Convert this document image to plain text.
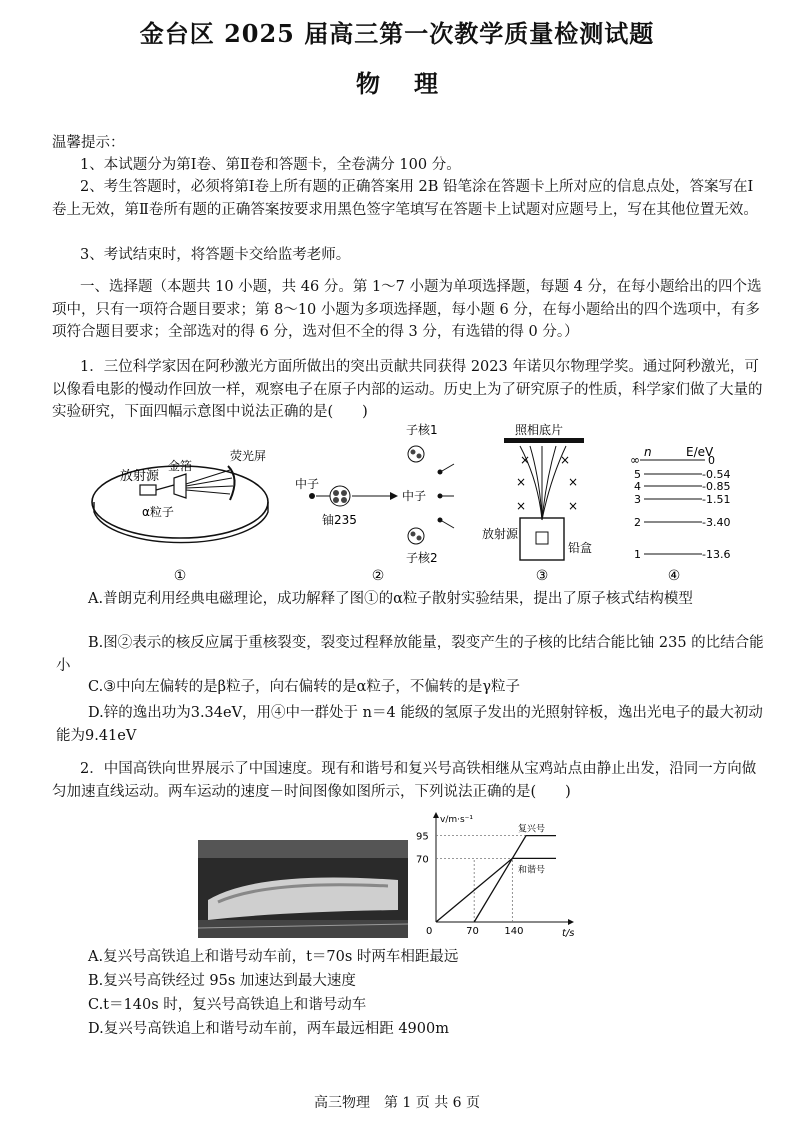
金台区 2025 届高三第一次教学质量检测试题
物理
温馨提示：
1、本试题分为第Ⅰ卷、第Ⅱ卷和答题卡，全卷满分 100 分。
2、考生答题时，必须将第Ⅰ卷上所有题的正确答案用 2B 铅笔涂在答题卡上所对应的信息点处，答案写在Ⅰ卷上无效，第Ⅱ卷所有题的正确答案按要求用黑色签字笔填写在答题卡上试题对应题号上，写在其他位置无效。
3、考试结束时，将答题卡交给监考老师。
一、选择题（本题共 10 小题，共 46 分。第 1～7 小题为单项选择题，每题 4 分，在每小题给出的四个选项中，只有一项符合题目要求；第 8～10 小题为多项选择题，每小题 6 分，在每小题给出的四个选项中，有多项符合题目要求；全部选对的得 6 分，选对但不全的得 3 分，有选错的得 0 分。）
1．三位科学家因在阿秒激光方面所做出的突出贡献共同获得 2023 年诺贝尔物理学奖。通过阿秒激光，可以像看电影的慢动作回放一样，观察电子在原子内部的运动。历史上为了研究原子的性质，科学家们做了大量的实验研究，下面四幅示意图中说法正确的是(　　)
放射源
金箔
荧光屏
α粒子
①
中子
铀235
子核1
子核2
中子
②
照相底片
× ×
×	×
×	×
放射源
铅盒
③
n	E/eV
∞	0
5	-0.54
4	-0.85
3	-1.51
2	-3.40
1	-13.6
④
A.普朗克利用经典电磁理论，成功解释了图①的α粒子散射实验结果，提出了原子核式结构模型
B.图②表示的核反应属于重核裂变，裂变过程释放能量，裂变产生的子核的比结合能比铀 235 的比结合能小
C.③中向左偏转的是β粒子，向右偏转的是α粒子，不偏转的是γ粒子
D.锌的逸出功为3.34eV，用④中一群处于 n＝4 能级的氢原子发出的光照射锌板，逸出光电子的最大初动能为9.41eV
2．中国高铁向世界展示了中国速度。现有和谐号和复兴号高铁相继从宝鸡站点由静止出发，沿同一方向做匀加速直线运动。两车运动的速度－时间图像如图所示，下列说法正确的是(　　)
v/m·s⁻¹
t/s
0
70
95
70	140
复兴号
和谐号
A.复兴号高铁追上和谐号动车前，t＝70s 时两车相距最远
B.复兴号高铁经过 95s 加速达到最大速度
C.t＝140s 时，复兴号高铁追上和谐号动车
D.复兴号高铁追上和谐号动车前，两车最远相距 4900m
高三物理　第 1 页 共 6 页
